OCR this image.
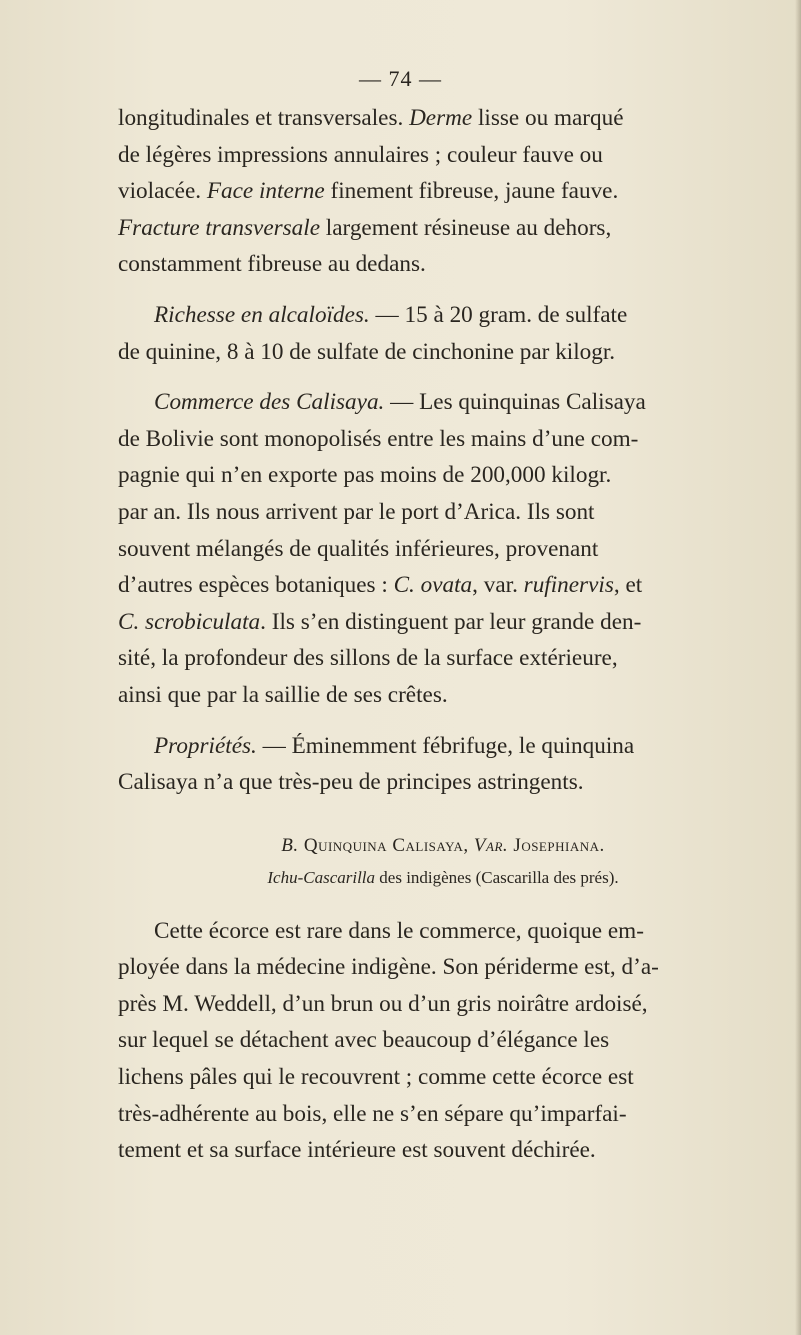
— 74 —

longitudinales et transversales. Derme lisse ou marqué
de légères impressions annulaires ; couleur fauve ou
violacée. Face interne finement fibreuse, jaune fauve.
Fracture transversale largement résineuse au dehors,
constamment fibreuse au dedans.

Richesse en alcaloïdes. — 15 à 20 gram. de sulfate
de quinine, 8 à 10 de sulfate de cinchonine par kilogr.

Commerce des Calisaya. — Les quinquinas Calisaya
de Bolivie sont monopolisés entre les mains d’une com-
pagnie qui n’en exporte pas moins de 200,000 kilogr.
par an. Ils nous arrivent par le port d’Arica. Ils sont
souvent mélangés de qualités inférieures, provenant
d’autres espèces botaniques : C. ovata, var. rufinervis, et
C. scrobiculata. Ils s’en distinguent par leur grande den-
sité, la profondeur des sillons de la surface extérieure,
ainsi que par la saillie de ses crêtes.

Propriétés. — Éminemment fébrifuge, le quinquina
Calisaya n’a que très-peu de principes astringents.

B. Quinquina Calisaya, Var. Josephiana.
Ichu-Cascarilla des indigènes (Cascarilla des prés).

Cette écorce est rare dans le commerce, quoique em-
ployée dans la médecine indigène. Son périderme est, d’a-
près M. Weddell, d’un brun ou d’un gris noirâtre ardoisé,
sur lequel se détachent avec beaucoup d’élégance les
lichens pâles qui le recouvrent ; comme cette écorce est
très-adhérente au bois, elle ne s’en sépare qu’imparfai-
tement et sa surface intérieure est souvent déchirée.
